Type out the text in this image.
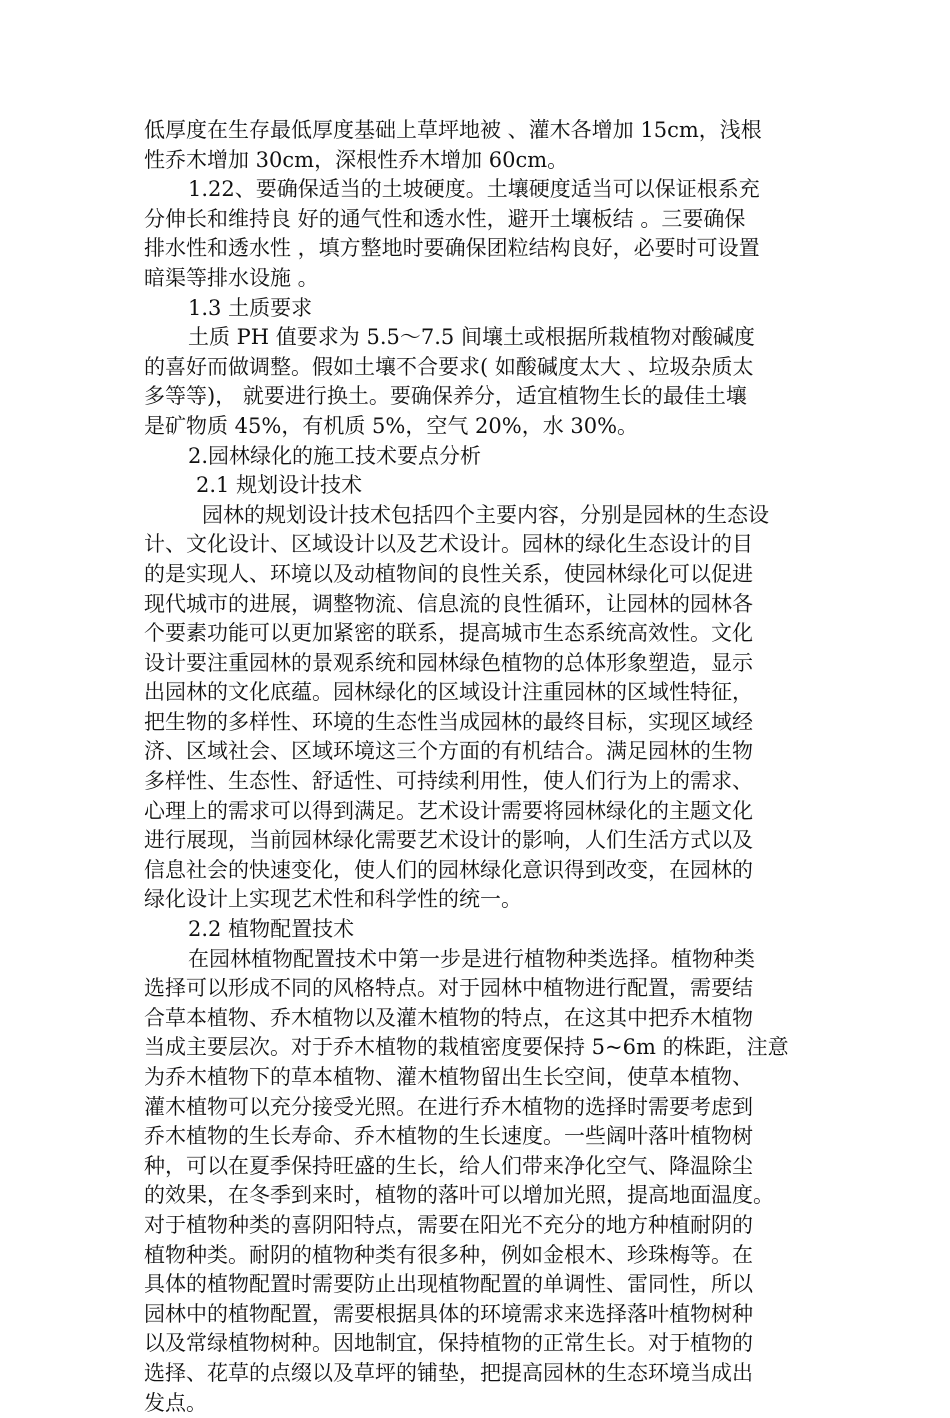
低厚度在生存最低厚度基础上草坪地被 、灌木各增加 15cm，浅根
性乔木增加 30cm，深根性乔木增加 60cm。
1.22、要确保适当的土坡硬度。土壤硬度适当可以保证根系充
分伸长和维持良 好的通气性和透水性，避开土壤板结 。三要确保
排水性和透水性 ，填方整地时要确保团粒结构良好，必要时可设置
暗渠等排水设施 。
1.3 土质要求
土质 PH 值要求为 5.5～7.5 间壤土或根据所栽植物对酸碱度
的喜好而做调整。假如土壤不合要求( 如酸碱度太大 、垃圾杂质太
多等等)， 就要进行换土。要确保养分，适宜植物生长的最佳土壤
是矿物质 45%，有机质 5%，空气 20%，水 30%。
2.园林绿化的施工技术要点分析
2.1 规划设计技术
园林的规划设计技术包括四个主要内容，分别是园林的生态设
计、文化设计、区域设计以及艺术设计。园林的绿化生态设计的目
的是实现人、环境以及动植物间的良性关系，使园林绿化可以促进
现代城市的进展，调整物流、信息流的良性循环，让园林的园林各
个要素功能可以更加紧密的联系，提高城市生态系统高效性。文化
设计要注重园林的景观系统和园林绿色植物的总体形象塑造，显示
出园林的文化底蕴。园林绿化的区域设计注重园林的区域性特征，
把生物的多样性、环境的生态性当成园林的最终目标，实现区域经
济、区域社会、区域环境这三个方面的有机结合。满足园林的生物
多样性、生态性、舒适性、可持续利用性，使人们行为上的需求、
心理上的需求可以得到满足。艺术设计需要将园林绿化的主题文化
进行展现，当前园林绿化需要艺术设计的影响，人们生活方式以及
信息社会的快速变化，使人们的园林绿化意识得到改变，在园林的
绿化设计上实现艺术性和科学性的统一。
2.2 植物配置技术
在园林植物配置技术中第一步是进行植物种类选择。植物种类
选择可以形成不同的风格特点。对于园林中植物进行配置，需要结
合草本植物、乔木植物以及灌木植物的特点，在这其中把乔木植物
当成主要层次。对于乔木植物的栽植密度要保持 5~6m 的株距，注意
为乔木植物下的草本植物、灌木植物留出生长空间，使草本植物、
灌木植物可以充分接受光照。在进行乔木植物的选择时需要考虑到
乔木植物的生长寿命、乔木植物的生长速度。一些阔叶落叶植物树
种，可以在夏季保持旺盛的生长，给人们带来净化空气、降温除尘
的效果，在冬季到来时，植物的落叶可以增加光照，提高地面温度。
对于植物种类的喜阴阳特点，需要在阳光不充分的地方种植耐阴的
植物种类。耐阴的植物种类有很多种，例如金根木、珍珠梅等。在
具体的植物配置时需要防止出现植物配置的单调性、雷同性，所以
园林中的植物配置，需要根据具体的环境需求来选择落叶植物树种
以及常绿植物树种。因地制宜，保持植物的正常生长。对于植物的
选择、花草的点缀以及草坪的铺垫，把提高园林的生态环境当成出
发点。
